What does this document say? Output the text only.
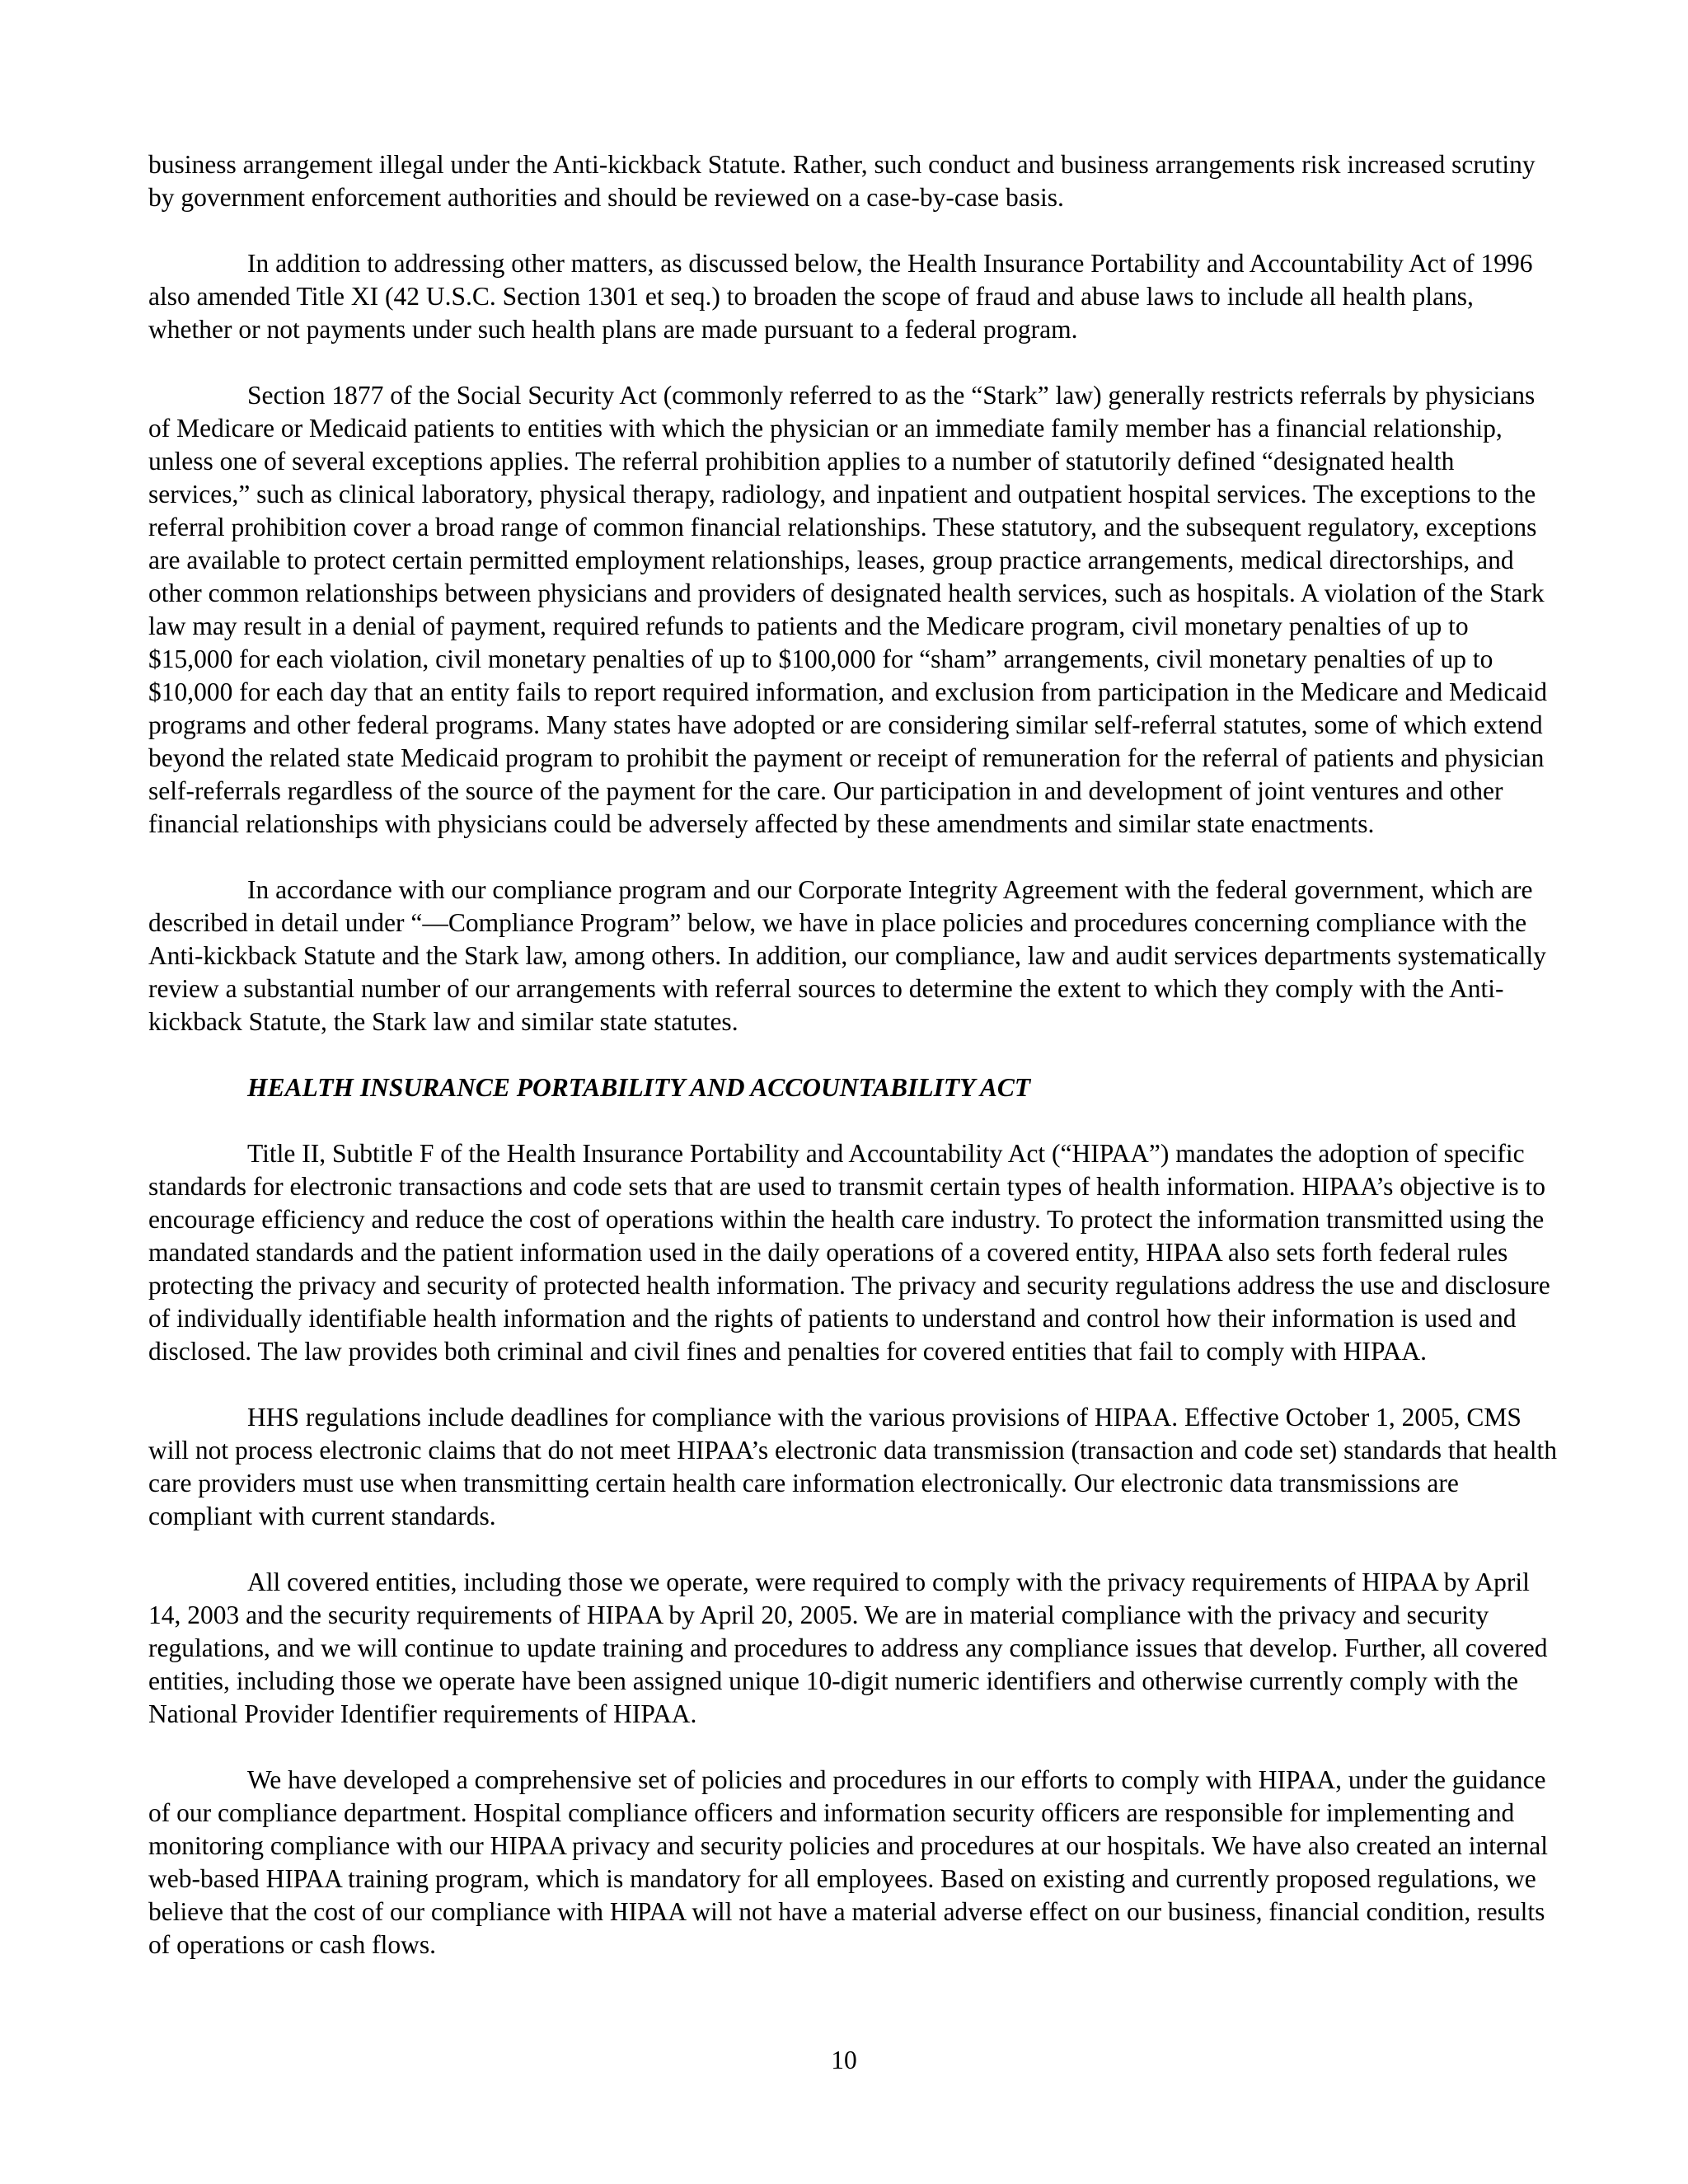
business arrangement illegal under the Anti-kickback Statute. Rather, such conduct and business arrangements risk increased scrutiny by government enforcement authorities and should be reviewed on a case-by-case basis.

In addition to addressing other matters, as discussed below, the Health Insurance Portability and Accountability Act of 1996 also amended Title XI (42 U.S.C. Section 1301 et seq.) to broaden the scope of fraud and abuse laws to include all health plans, whether or not payments under such health plans are made pursuant to a federal program.

Section 1877 of the Social Security Act (commonly referred to as the “Stark” law) generally restricts referrals by physicians of Medicare or Medicaid patients to entities with which the physician or an immediate family member has a financial relationship, unless one of several exceptions applies. The referral prohibition applies to a number of statutorily defined “designated health services,” such as clinical laboratory, physical therapy, radiology, and inpatient and outpatient hospital services. The exceptions to the referral prohibition cover a broad range of common financial relationships. These statutory, and the subsequent regulatory, exceptions are available to protect certain permitted employment relationships, leases, group practice arrangements, medical directorships, and other common relationships between physicians and providers of designated health services, such as hospitals. A violation of the Stark law may result in a denial of payment, required refunds to patients and the Medicare program, civil monetary penalties of up to $15,000 for each violation, civil monetary penalties of up to $100,000 for “sham” arrangements, civil monetary penalties of up to $10,000 for each day that an entity fails to report required information, and exclusion from participation in the Medicare and Medicaid programs and other federal programs. Many states have adopted or are considering similar self-referral statutes, some of which extend beyond the related state Medicaid program to prohibit the payment or receipt of remuneration for the referral of patients and physician self-referrals regardless of the source of the payment for the care. Our participation in and development of joint ventures and other financial relationships with physicians could be adversely affected by these amendments and similar state enactments.

In accordance with our compliance program and our Corporate Integrity Agreement with the federal government, which are described in detail under “—Compliance Program” below, we have in place policies and procedures concerning compliance with the Anti-kickback Statute and the Stark law, among others. In addition, our compliance, law and audit services departments systematically review a substantial number of our arrangements with referral sources to determine the extent to which they comply with the Anti-kickback Statute, the Stark law and similar state statutes.

HEALTH INSURANCE PORTABILITY AND ACCOUNTABILITY ACT

Title II, Subtitle F of the Health Insurance Portability and Accountability Act (“HIPAA”) mandates the adoption of specific standards for electronic transactions and code sets that are used to transmit certain types of health information. HIPAA’s objective is to encourage efficiency and reduce the cost of operations within the health care industry. To protect the information transmitted using the mandated standards and the patient information used in the daily operations of a covered entity, HIPAA also sets forth federal rules protecting the privacy and security of protected health information. The privacy and security regulations address the use and disclosure of individually identifiable health information and the rights of patients to understand and control how their information is used and disclosed. The law provides both criminal and civil fines and penalties for covered entities that fail to comply with HIPAA.

HHS regulations include deadlines for compliance with the various provisions of HIPAA. Effective October 1, 2005, CMS will not process electronic claims that do not meet HIPAA’s electronic data transmission (transaction and code set) standards that health care providers must use when transmitting certain health care information electronically. Our electronic data transmissions are compliant with current standards.

All covered entities, including those we operate, were required to comply with the privacy requirements of HIPAA by April 14, 2003 and the security requirements of HIPAA by April 20, 2005. We are in material compliance with the privacy and security regulations, and we will continue to update training and procedures to address any compliance issues that develop. Further, all covered entities, including those we operate have been assigned unique 10-digit numeric identifiers and otherwise currently comply with the National Provider Identifier requirements of HIPAA.

We have developed a comprehensive set of policies and procedures in our efforts to comply with HIPAA, under the guidance of our compliance department. Hospital compliance officers and information security officers are responsible for implementing and monitoring compliance with our HIPAA privacy and security policies and procedures at our hospitals. We have also created an internal web-based HIPAA training program, which is mandatory for all employees. Based on existing and currently proposed regulations, we believe that the cost of our compliance with HIPAA will not have a material adverse effect on our business, financial condition, results of operations or cash flows.

10
